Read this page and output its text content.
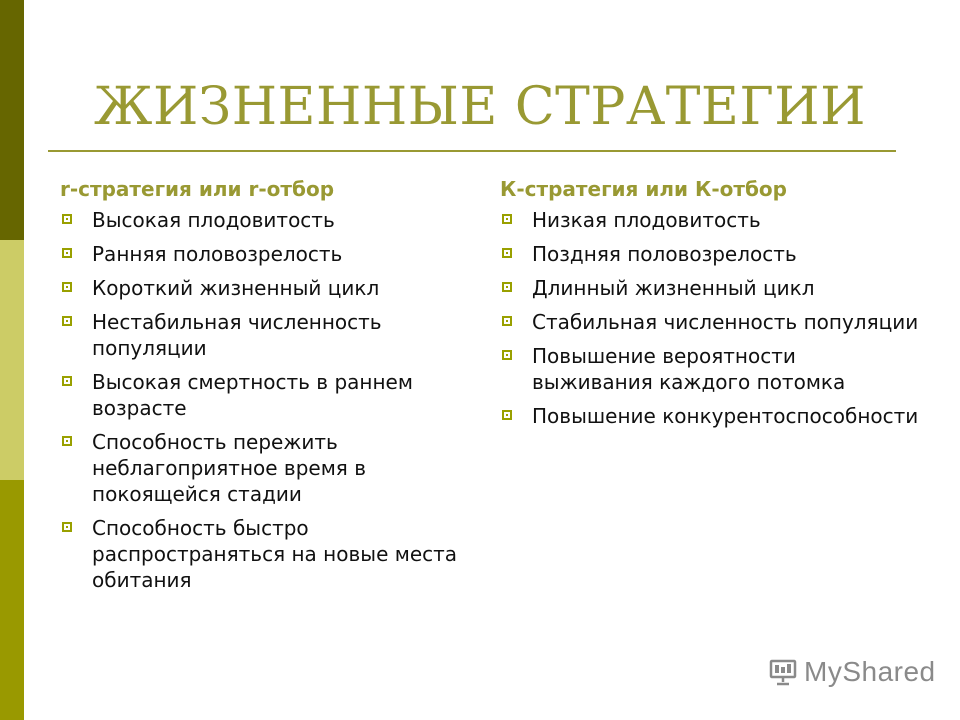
ЖИЗНЕННЫЕ СТРАТЕГИИ
r-стратегия или r-отбор
Высокая плодовитость
Ранняя половозрелость
Короткий жизненный цикл
Нестабильная численность популяции
Высокая смертность в раннем возрасте
Способность пережить неблагоприятное время в покоящейся стадии
Способность быстро распространяться на новые места обитания
К-стратегия или К-отбор
Низкая плодовитость
Поздняя половозрелость
Длинный жизненный цикл
Стабильная численность популяции
Повышение вероятности выживания каждого потомка
Повышение конкурентоспособности
MyShared
